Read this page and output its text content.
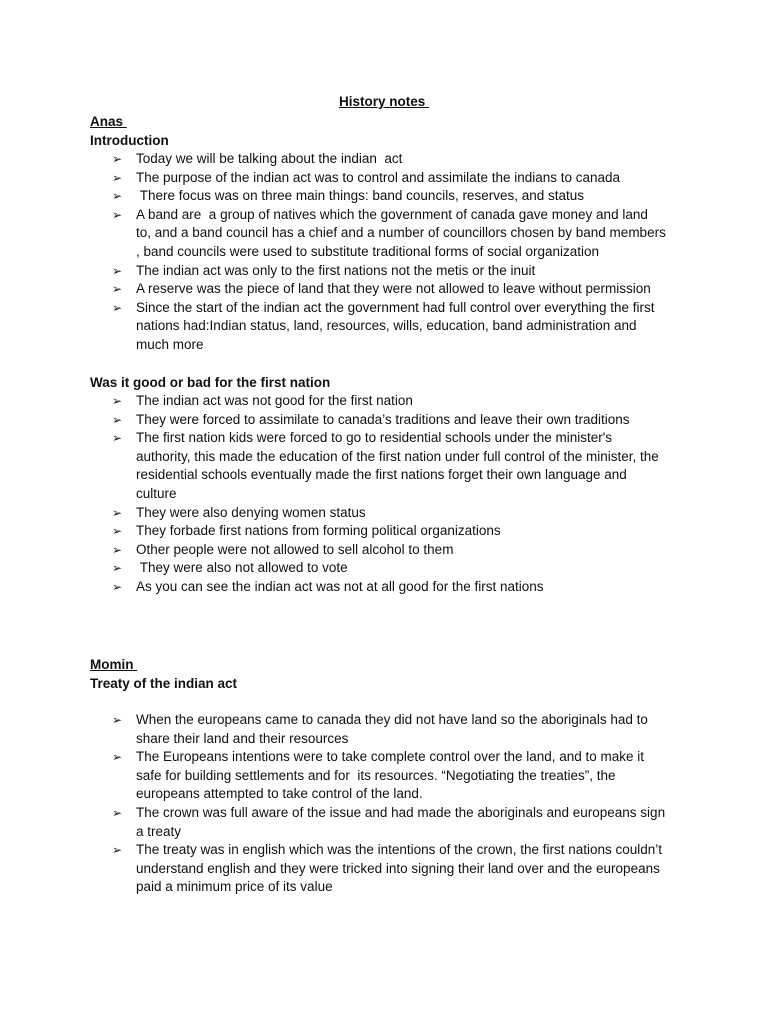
History notes
Anas
Introduction
➢ Today we will be talking about the indian  act
➢ The purpose of the indian act was to control and assimilate the indians to canada
➢ There focus was on three main things: band councils, reserves, and status
➢ A band are  a group of natives which the government of canada gave money and land
to, and a band council has a chief and a number of councillors chosen by band members
, band councils were used to substitute traditional forms of social organization
➢ The indian act was only to the first nations not the metis or the inuit
➢ A reserve was the piece of land that they were not allowed to leave without permission
➢ Since the start of the indian act the government had full control over everything the first
nations had:Indian status, land, resources, wills, education, band administration and
much more
Was it good or bad for the first nation
➢ The indian act was not good for the first nation
➢ They were forced to assimilate to canada’s traditions and leave their own traditions
➢ The first nation kids were forced to go to residential schools under the minister's
authority, this made the education of the first nation under full control of the minister, the
residential schools eventually made the first nations forget their own language and
culture
➢ They were also denying women status
➢ They forbade first nations from forming political organizations
➢ Other people were not allowed to sell alcohol to them
➢ They were also not allowed to vote
➢ As you can see the indian act was not at all good for the first nations
Momin
Treaty of the indian act
➢ When the europeans came to canada they did not have land so the aboriginals had to
share their land and their resources
➢ The Europeans intentions were to take complete control over the land, and to make it
safe for building settlements and for  its resources. “Negotiating the treaties”, the
europeans attempted to take control of the land.
➢ The crown was full aware of the issue and had made the aboriginals and europeans sign
a treaty
➢ The treaty was in english which was the intentions of the crown, the first nations couldn’t
understand english and they were tricked into signing their land over and the europeans
paid a minimum price of its value
